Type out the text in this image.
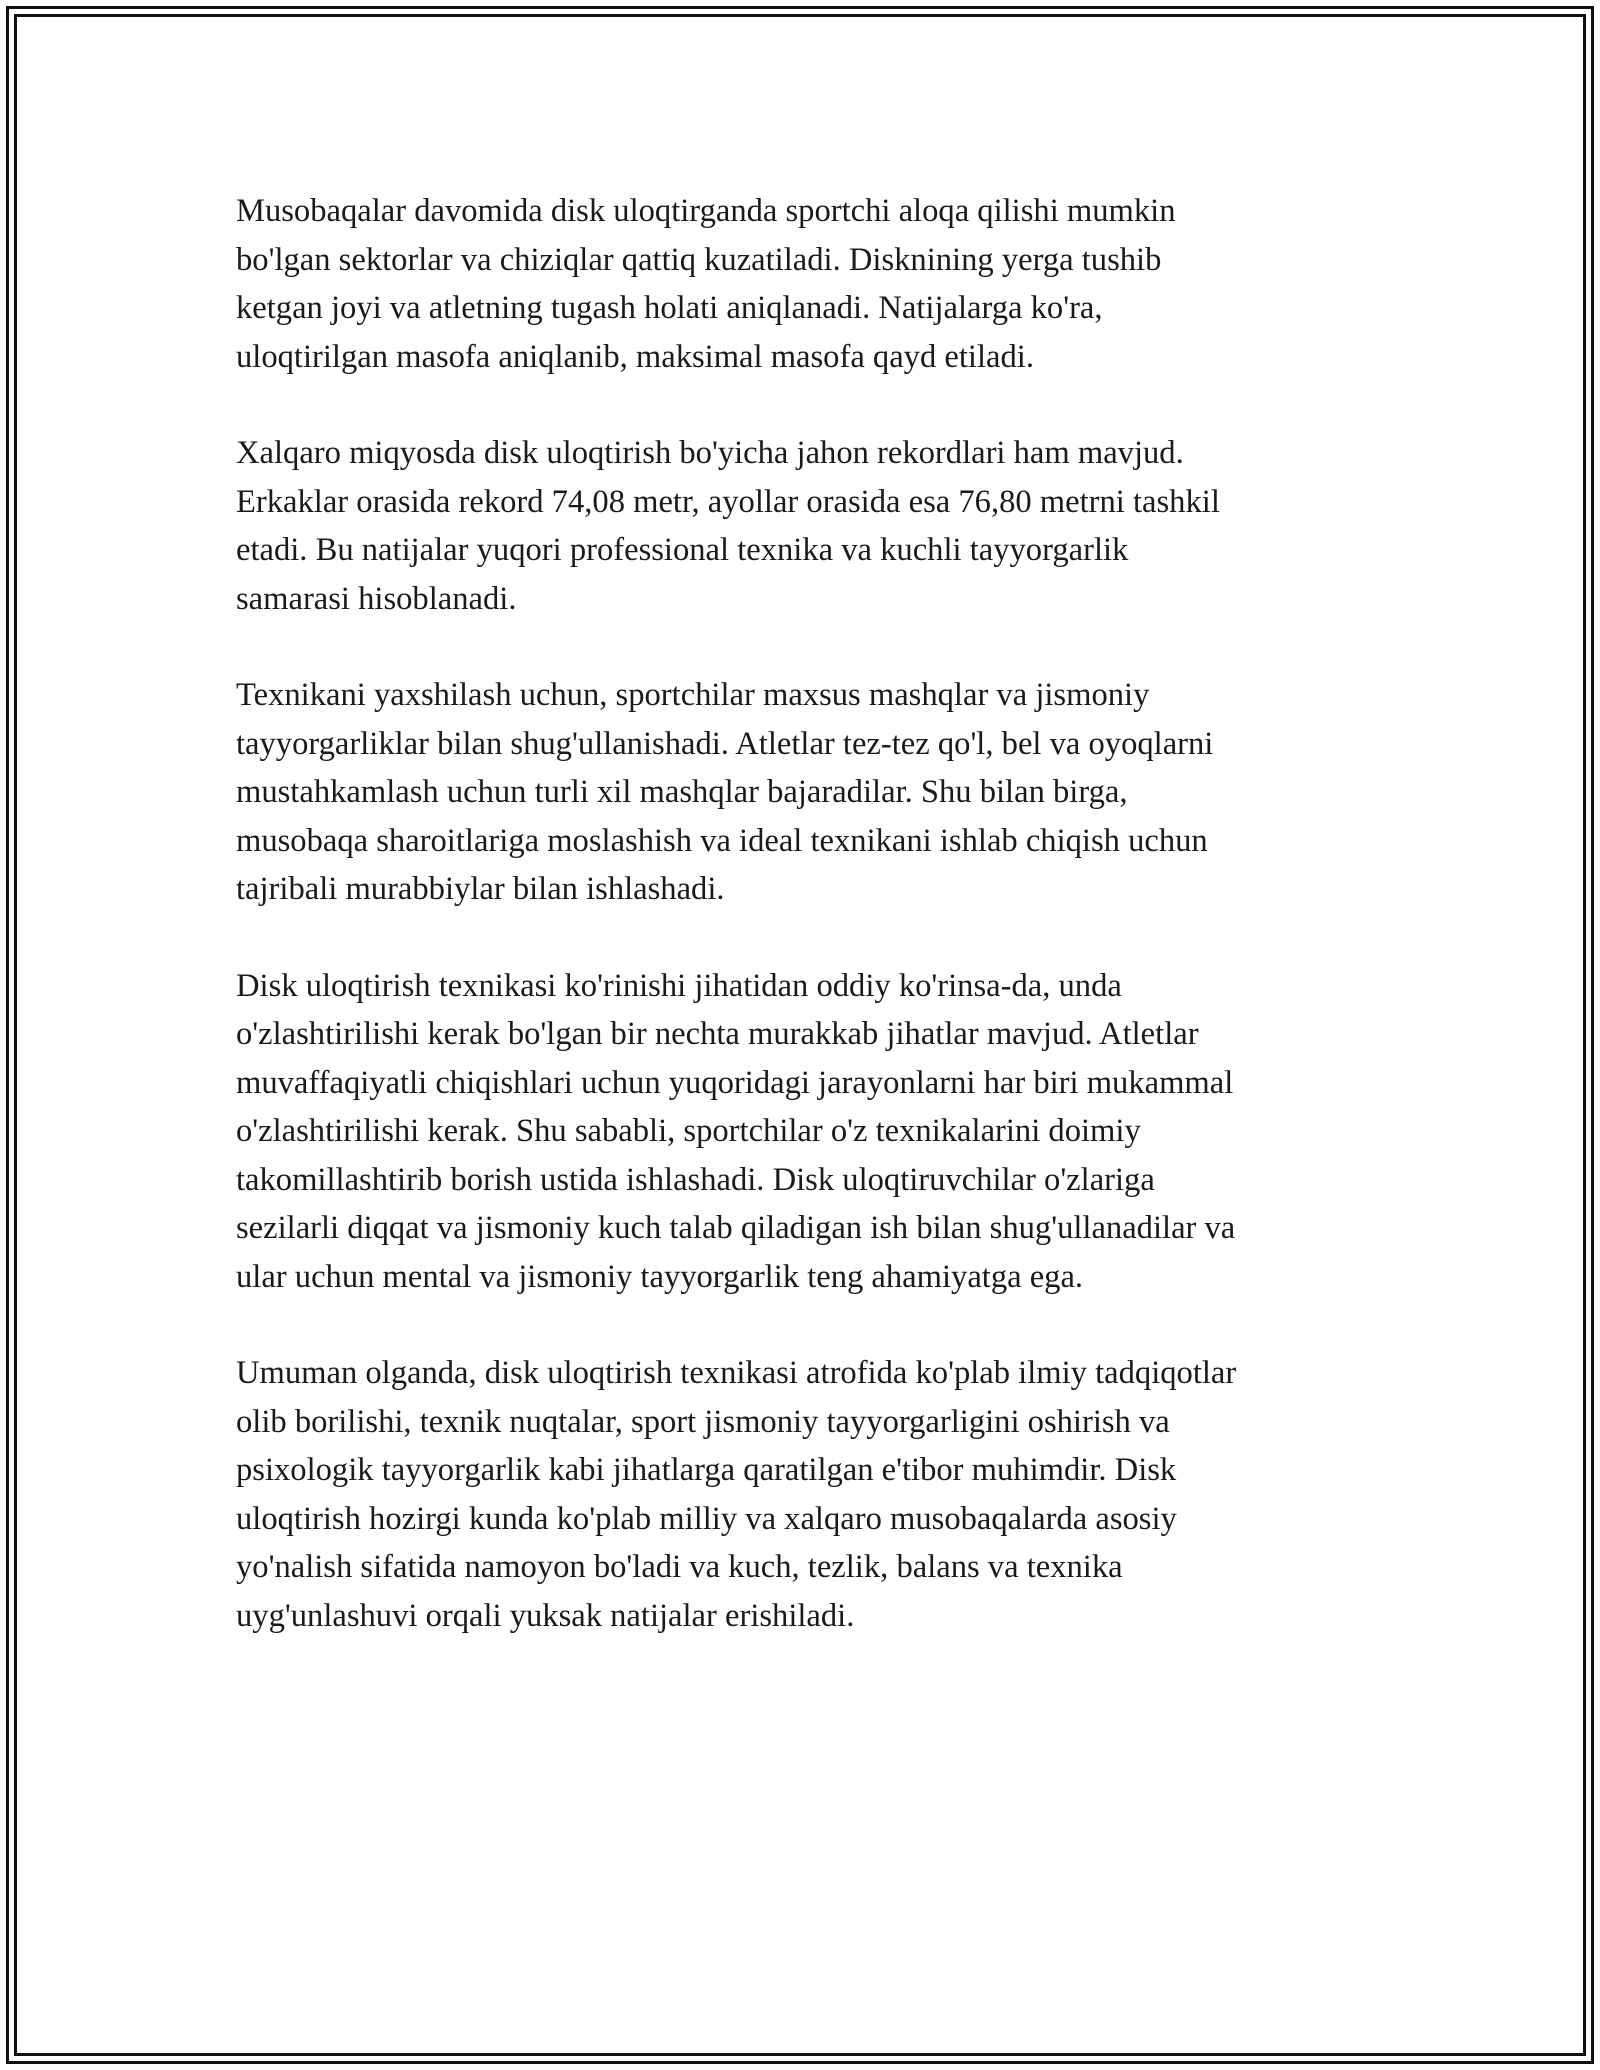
Musobaqalar davomida disk uloqtirganda sportchi aloqa qilishi mumkin
bo'lgan sektorlar va chiziqlar qattiq kuzatiladi. Disknining yerga tushib
ketgan joyi va atletning tugash holati aniqlanadi. Natijalarga ko'ra,
uloqtirilgan masofa aniqlanib, maksimal masofa qayd etiladi.

Xalqaro miqyosda disk uloqtirish bo'yicha jahon rekordlari ham mavjud.
Erkaklar orasida rekord 74,08 metr, ayollar orasida esa 76,80 metrni tashkil
etadi. Bu natijalar yuqori professional texnika va kuchli tayyorgarlik
samarasi hisoblanadi.

Texnikani yaxshilash uchun, sportchilar maxsus mashqlar va jismoniy
tayyorgarliklar bilan shug'ullanishadi. Atletlar tez-tez qo'l, bel va oyoqlarni
mustahkamlash uchun turli xil mashqlar bajaradilar. Shu bilan birga,
musobaqa sharoitlariga moslashish va ideal texnikani ishlab chiqish uchun
tajribali murabbiylar bilan ishlashadi.

Disk uloqtirish texnikasi ko'rinishi jihatidan oddiy ko'rinsa-da, unda
o'zlashtirilishi kerak bo'lgan bir nechta murakkab jihatlar mavjud. Atletlar
muvaffaqiyatli chiqishlari uchun yuqoridagi jarayonlarni har biri mukammal
o'zlashtirilishi kerak. Shu sababli, sportchilar o'z texnikalarini doimiy
takomillashtirib borish ustida ishlashadi. Disk uloqtiruvchilar o'zlariga
sezilarli diqqat va jismoniy kuch talab qiladigan ish bilan shug'ullanadilar va
ular uchun mental va jismoniy tayyorgarlik teng ahamiyatga ega.

Umuman olganda, disk uloqtirish texnikasi atrofida ko'plab ilmiy tadqiqotlar
olib borilishi, texnik nuqtalar, sport jismoniy tayyorgarligini oshirish va
psixologik tayyorgarlik kabi jihatlarga qaratilgan e'tibor muhimdir. Disk
uloqtirish hozirgi kunda ko'plab milliy va xalqaro musobaqalarda asosiy
yo'nalish sifatida namoyon bo'ladi va kuch, tezlik, balans va texnika
uyg'unlashuvi orqali yuksak natijalar erishiladi.
